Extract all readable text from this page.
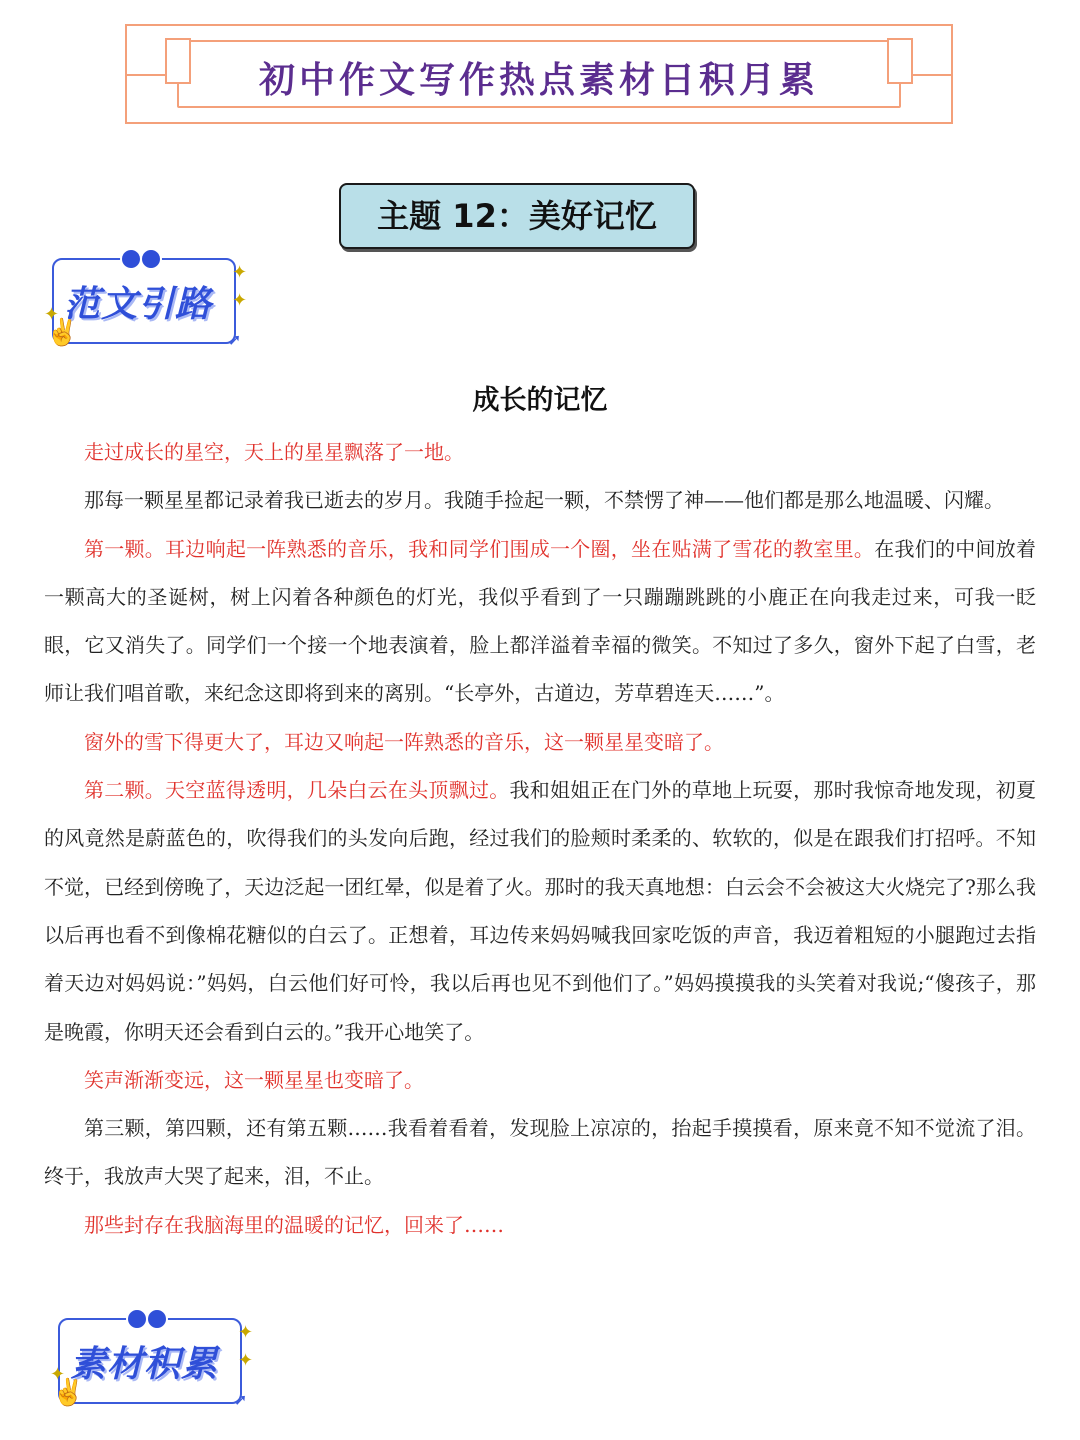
初中作文写作热点素材日积月累
主题 12：美好记忆
范文引路
✦
✦
✦
✌	➚
成长的记忆

走过成长的星空，天上的星星飘落了一地。

那每一颗星星都记录着我已逝去的岁月。我随手捡起一颗，不禁愣了神——他们都是那么地温暖、闪耀。

第一颗。耳边响起一阵熟悉的音乐，我和同学们围成一个圈，坐在贴满了雪花的教室里。在我们的中间放着一颗高大的圣诞树，树上闪着各种颜色的灯光，我似乎看到了一只蹦蹦跳跳的小鹿正在向我走过来，可我一眨眼，它又消失了。同学们一个接一个地表演着，脸上都洋溢着幸福的微笑。不知过了多久，窗外下起了白雪，老师让我们唱首歌，来纪念这即将到来的离别。“长亭外，古道边，芳草碧连天……”。

窗外的雪下得更大了，耳边又响起一阵熟悉的音乐，这一颗星星变暗了。

第二颗。天空蓝得透明，几朵白云在头顶飘过。我和姐姐正在门外的草地上玩耍，那时我惊奇地发现，初夏的风竟然是蔚蓝色的，吹得我们的头发向后跑，经过我们的脸颊时柔柔的、软软的，似是在跟我们打招呼。不知不觉，已经到傍晚了，天边泛起一团红晕，似是着了火。那时的我天真地想：白云会不会被这大火烧完了?那么我以后再也看不到像棉花糖似的白云了。正想着，耳边传来妈妈喊我回家吃饭的声音，我迈着粗短的小腿跑过去指着天边对妈妈说：”妈妈，白云他们好可怜，我以后再也见不到他们了。”妈妈摸摸我的头笑着对我说;“傻孩子，那是晚霞，你明天还会看到白云的。”我开心地笑了。

笑声渐渐变远，这一颗星星也变暗了。

第三颗，第四颗，还有第五颗……我看着看着，发现脸上凉凉的，抬起手摸摸看，原来竟不知不觉流了泪。终于，我放声大哭了起来，泪，不止。

那些封存在我脑海里的温暖的记忆，回来了……

素材积累
✦
✦
✦
✌	➚
